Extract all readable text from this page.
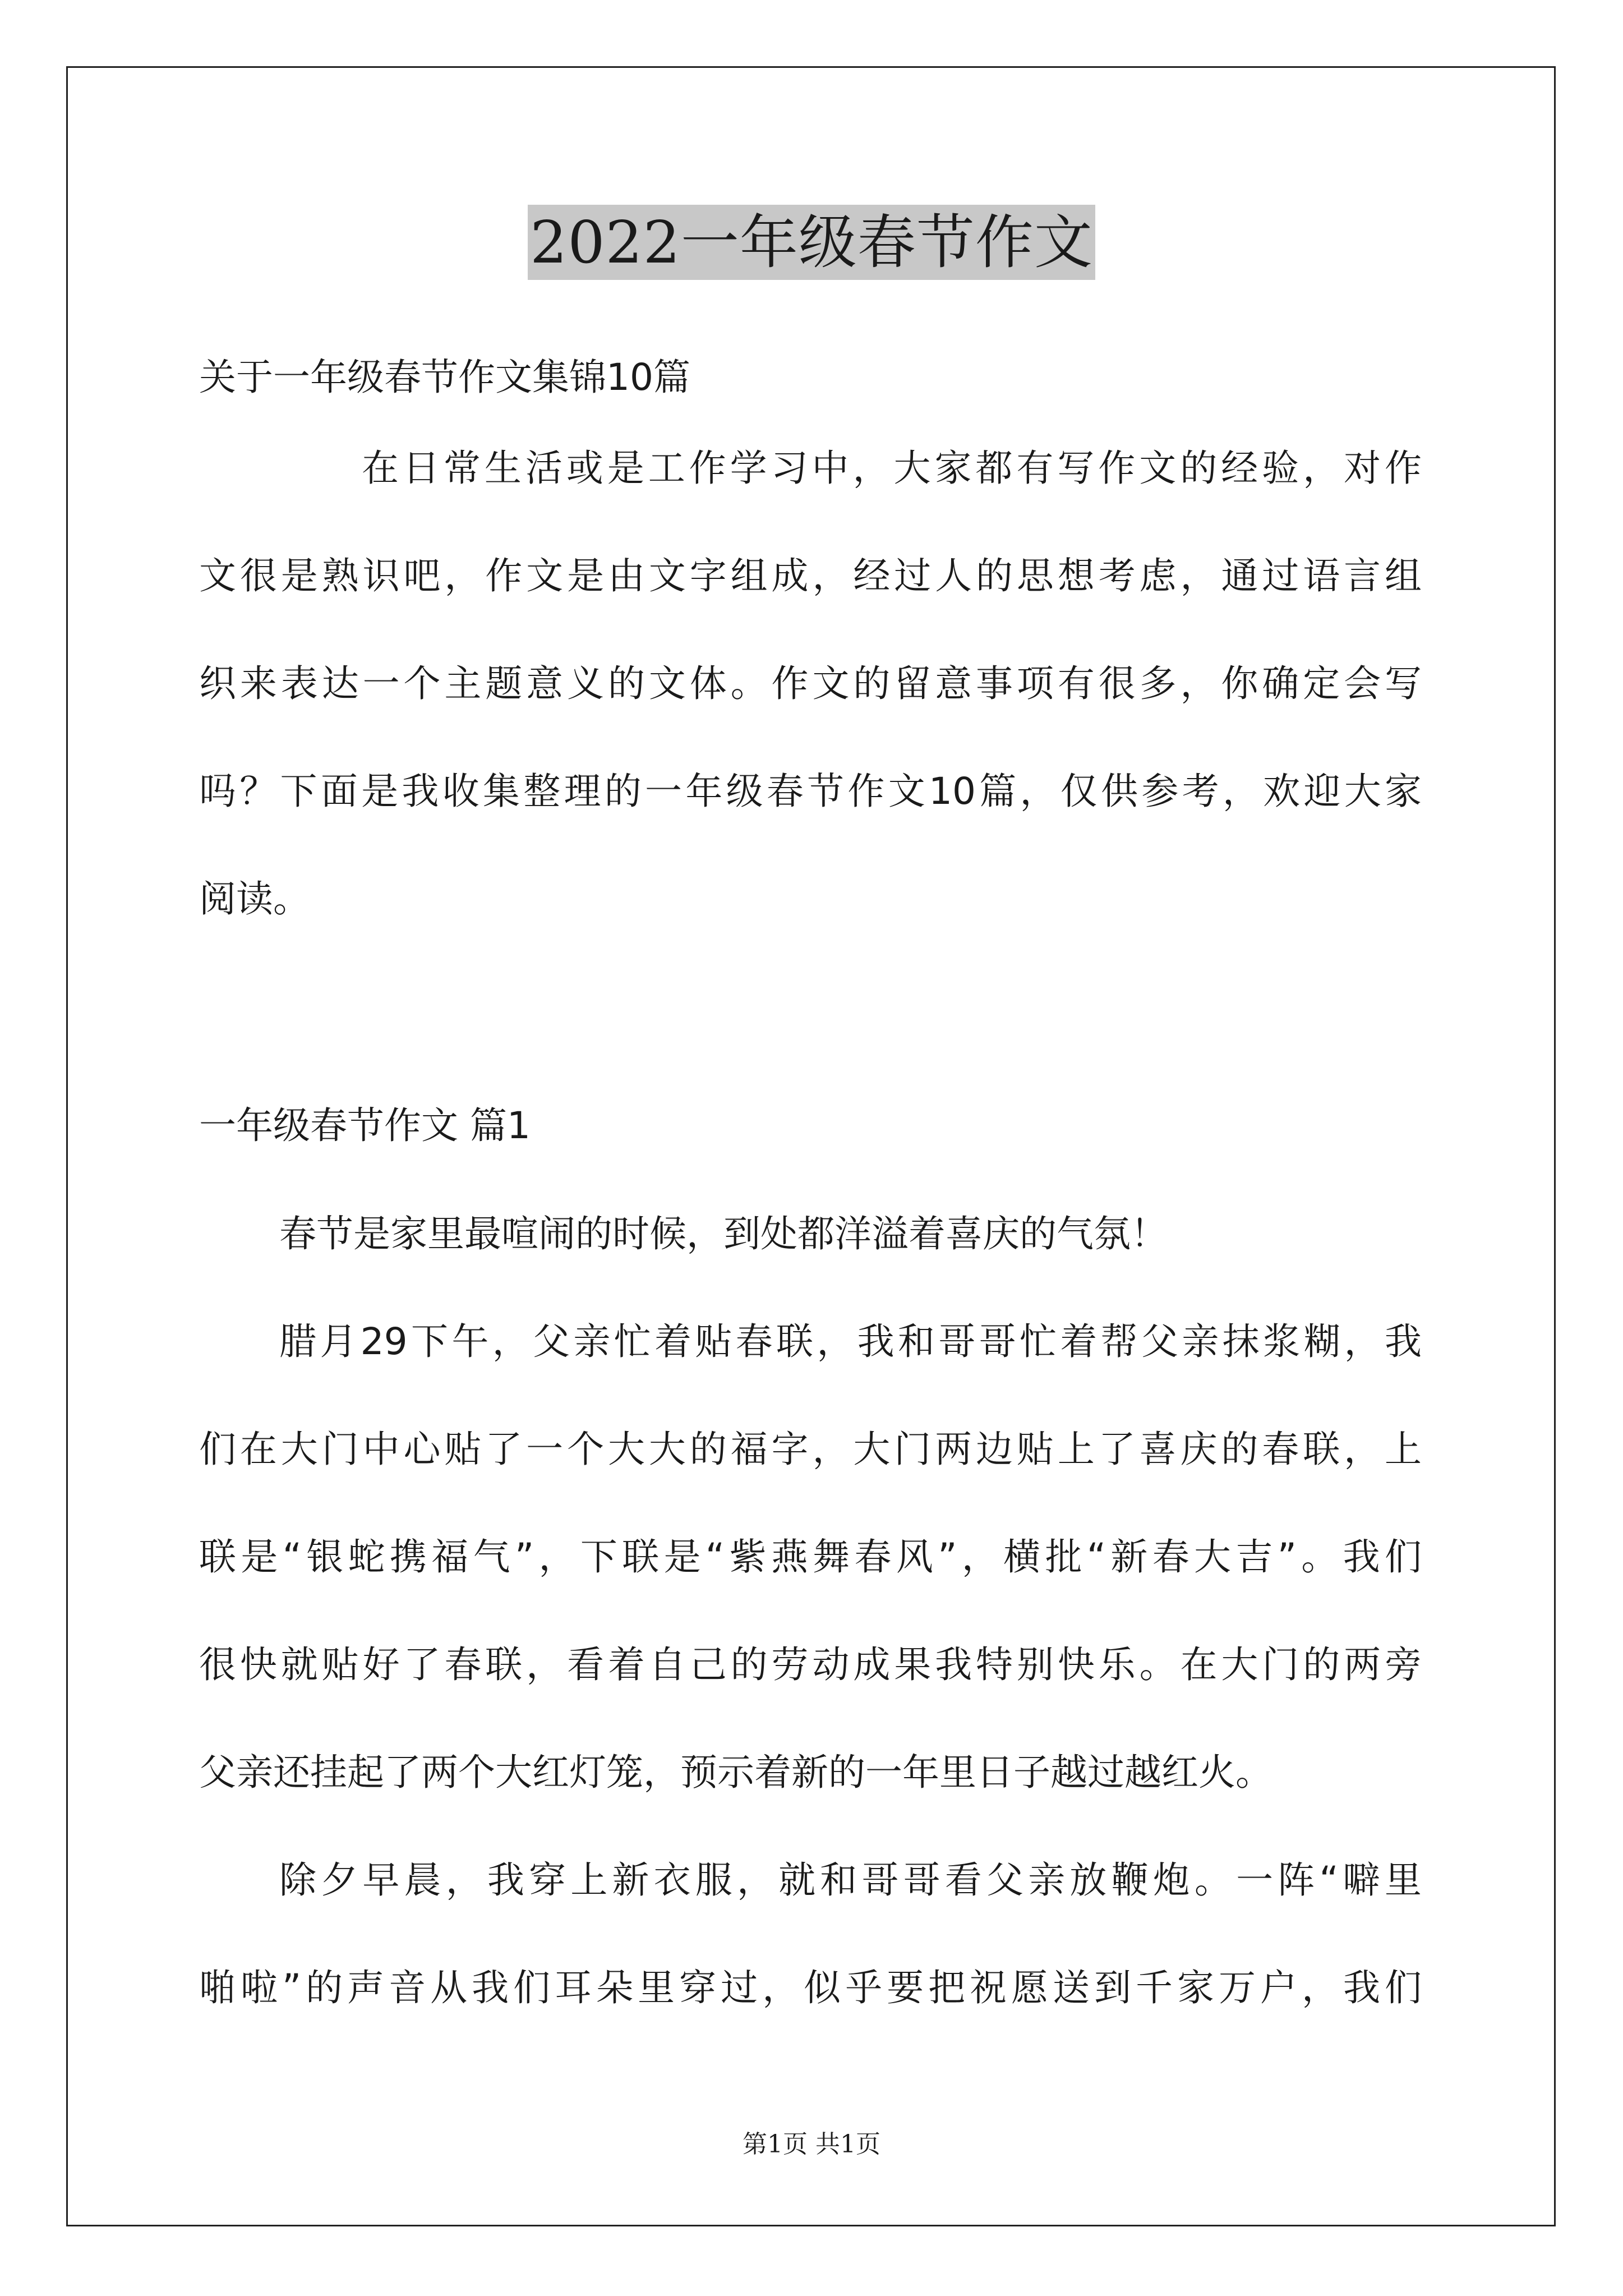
2022一年级春节作文
关于一年级春节作文集锦10篇
在日常生活或是工作学习中，大家都有写作文的经验，对作
文很是熟识吧，作文是由文字组成，经过人的思想考虑，通过语言组
织来表达一个主题意义的文体。作文的留意事项有很多，你确定会写
吗？下面是我收集整理的一年级春节作文10篇，仅供参考，欢迎大家
阅读。
一年级春节作文 篇1
春节是家里最喧闹的时候，到处都洋溢着喜庆的气氛！
腊月29下午，父亲忙着贴春联，我和哥哥忙着帮父亲抹浆糊，我
们在大门中心贴了一个大大的福字，大门两边贴上了喜庆的春联，上
联是“银蛇携福气”，下联是“紫燕舞春风”，横批“新春大吉”。我们
很快就贴好了春联，看着自己的劳动成果我特别快乐。在大门的两旁
父亲还挂起了两个大红灯笼，预示着新的一年里日子越过越红火。
除夕早晨，我穿上新衣服，就和哥哥看父亲放鞭炮。一阵“噼里
啪啦”的声音从我们耳朵里穿过，似乎要把祝愿送到千家万户，我们
第1页 共1页
